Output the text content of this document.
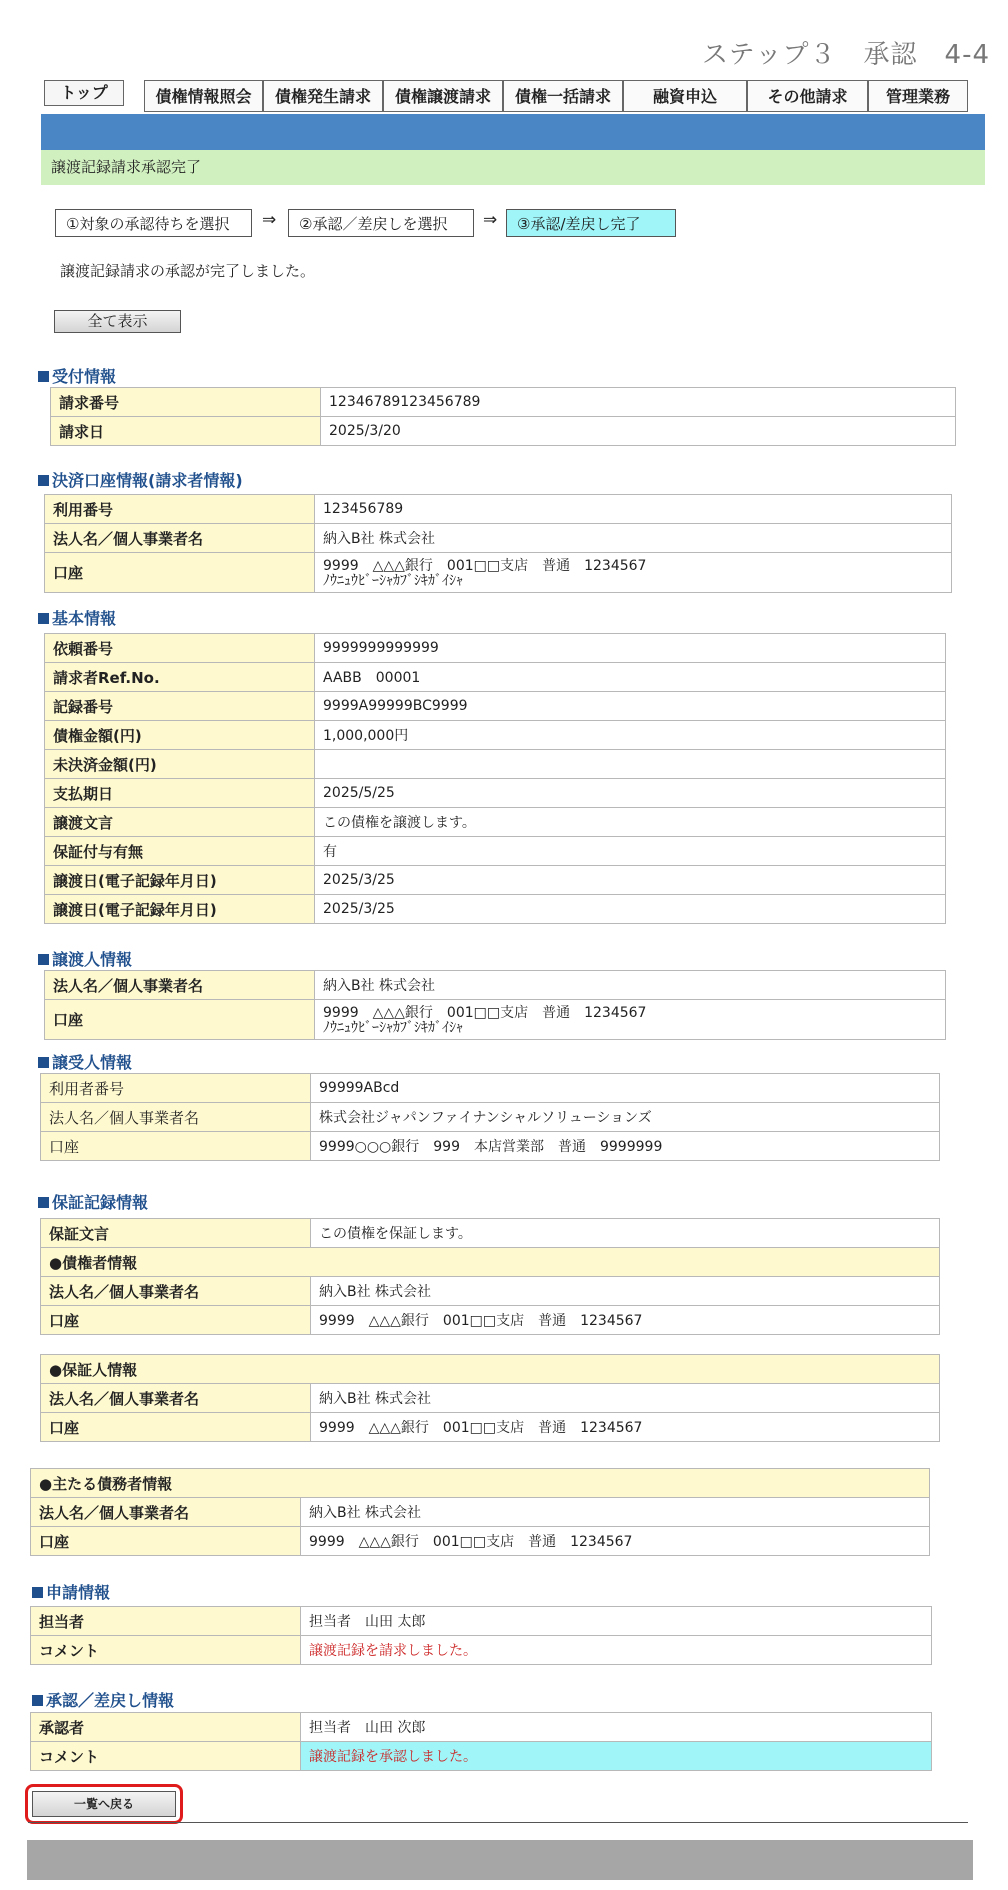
ステップ３　承認　4-4
トップ	債権情報照会	債権発生請求	債権譲渡請求	債権一括請求	融資申込	その他請求	管理業務
譲渡記録請求承認完了
①対象の承認待ちを選択	⇒	②承認／差戻しを選択	⇒	③承認/差戻し完了
譲渡記録請求の承認が完了しました。
全て表示
受付情報
請求番号	12346789123456789
請求日	2025/3/20
決済口座情報(請求者情報)
利用番号	123456789
法人名／個人事業者名	納入B社 株式会社
口座	9999　△△△銀行　001□□支店　普通　1234567
ﾉｳﾆｭｳﾋﾞｰｼｬｶﾌﾞｼｷｶﾞｲｼｬ
基本情報
依頼番号	9999999999999
請求者Ref.No.	AABB　00001
記録番号	9999A99999BC9999
債権金額(円)	1,000,000円
未決済金額(円)	
支払期日	2025/5/25
譲渡文言	この債権を譲渡します。
保証付与有無	有
譲渡日(電子記録年月日)	2025/3/25
譲渡日(電子記録年月日)	2025/3/25
譲渡人情報
法人名／個人事業者名	納入B社 株式会社
口座	9999　△△△銀行　001□□支店　普通　1234567
ﾉｳﾆｭｳﾋﾞｰｼｬｶﾌﾞｼｷｶﾞｲｼｬ
譲受人情報
利用者番号	99999ABcd
法人名／個人事業者名	株式会社ジャパンファイナンシャルソリューションズ
口座	9999○○○銀行　999　本店営業部　普通　9999999
保証記録情報
保証文言	この債権を保証します。
●債権者情報	
法人名／個人事業者名	納入B社 株式会社
口座	9999　△△△銀行　001□□支店　普通　1234567
●保証人情報	
法人名／個人事業者名	納入B社 株式会社
口座	9999　△△△銀行　001□□支店　普通　1234567
●主たる債務者情報	
法人名／個人事業者名	納入B社 株式会社
口座	9999　△△△銀行　001□□支店　普通　1234567
申請情報
担当者	担当者　山田 太郎
コメント	譲渡記録を請求しました。
承認／差戻し情報
承認者	担当者　山田 次郎
コメント	譲渡記録を承認しました。
一覧へ戻る
